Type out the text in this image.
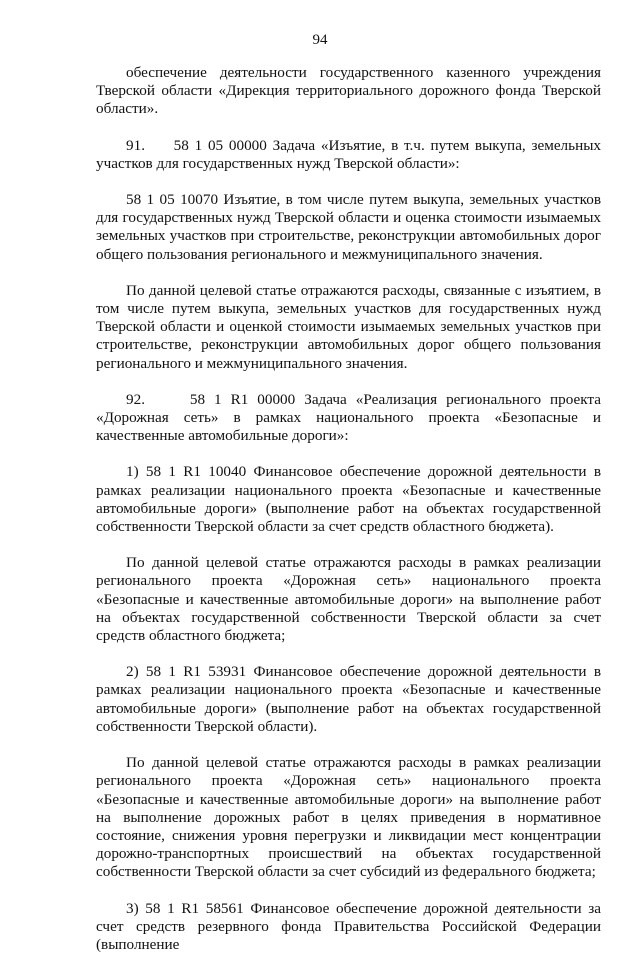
94

обеспечение деятельности государственного казенного учреждения Тверской области «Дирекция территориального дорожного фонда Тверской области».

91.     58 1 05 00000 Задача «Изъятие, в т.ч. путем выкупа, земельных участков для государственных нужд Тверской области»:

58 1 05 10070 Изъятие, в том числе путем выкупа, земельных участков для государственных нужд Тверской области и оценка стоимости изымаемых земельных участков при строительстве, реконструкции автомобильных дорог общего пользования регионального и межмуниципального значения.

По данной целевой статье отражаются расходы, связанные с изъятием, в том числе путем выкупа, земельных участков для государственных нужд Тверской области и оценкой стоимости изымаемых земельных участков при строительстве, реконструкции автомобильных дорог общего пользования регионального и межмуниципального значения.

92.     58 1 R1 00000 Задача «Реализация регионального проекта «Дорожная сеть» в рамках национального проекта «Безопасные и качественные автомобильные дороги»:

1) 58 1 R1 10040 Финансовое обеспечение дорожной деятельности в рамках реализации национального проекта «Безопасные и качественные автомобильные дороги» (выполнение работ на объектах государственной собственности Тверской области за счет средств областного бюджета).

По данной целевой статье отражаются расходы в рамках реализации регионального проекта «Дорожная сеть» национального проекта «Безопасные и качественные автомобильные дороги» на выполнение работ на объектах государственной собственности Тверской области за счет средств областного бюджета;

2) 58 1 R1 53931 Финансовое обеспечение дорожной деятельности в рамках реализации национального проекта «Безопасные и качественные автомобильные дороги» (выполнение работ на объектах государственной собственности Тверской области).

По данной целевой статье отражаются расходы в рамках реализации регионального проекта «Дорожная сеть» национального проекта «Безопасные и качественные автомобильные дороги» на выполнение работ на выполнение дорожных работ в целях приведения в нормативное состояние, снижения уровня перегрузки и ликвидации мест концентрации дорожно-транспортных происшествий на объектах государственной собственности Тверской области за счет субсидий из федерального бюджета;

3) 58 1 R1 58561 Финансовое обеспечение дорожной деятельности за счет средств резервного фонда Правительства Российской Федерации (выполнение
